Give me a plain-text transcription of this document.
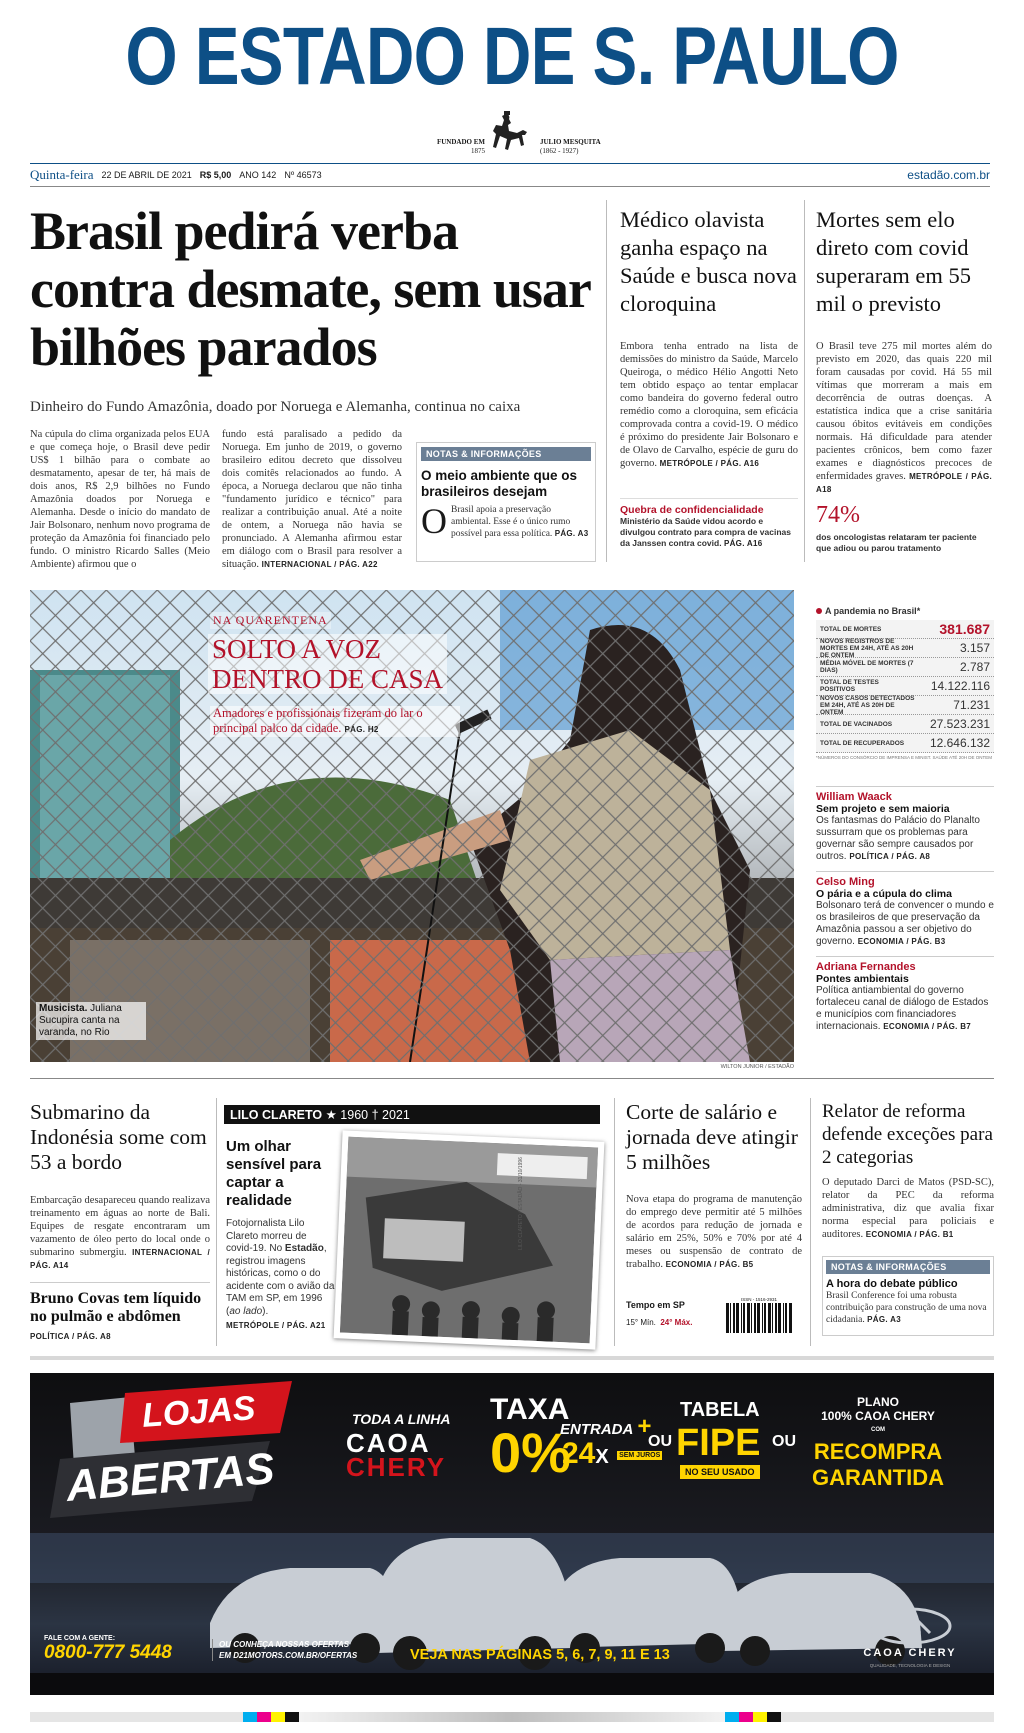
O ESTADO DE S. PAULO
FUNDADO EM
1875
JULIO MESQUITA
(1862 - 1927)
Quinta-feira 22 DE ABRIL DE 2021 R$ 5,00 ANO 142 Nº 46573	estadão.com.br
Brasil pedirá verba contra desmate, sem usar bilhões parados
Dinheiro do Fundo Amazônia, doado por Noruega e Alemanha, continua no caixa
Na cúpula do clima organizada pelos EUA e que começa hoje, o Brasil deve pedir US$ 1 bilhão para o combate ao desmatamento, apesar de ter, há mais de dois anos, R$ 2,9 bilhões no Fundo Amazônia doados por Noruega e Alemanha. Desde o início do mandato de Jair Bolsonaro, nenhum novo programa de proteção da Amazônia foi financiado pelo fundo. O ministro Ricardo Salles (Meio Ambiente) afirmou que o
fundo está paralisado a pedido da Noruega. Em junho de 2019, o governo brasileiro editou decreto que dissolveu dois comitês relacionados ao fundo. A época, a Noruega declarou que não tinha "fundamento jurídico e técnico" para realizar a contribuição anual. Até a noite de ontem, a Noruega não havia se pronunciado. A Alemanha afirmou estar em diálogo com o Brasil para resolver a situação. INTERNACIONAL / PÁG. A22
NOTAS & INFORMAÇÕES
O meio ambiente que os brasileiros desejam
O Brasil apoia a preservação ambiental. Esse é o único rumo possível para essa política. PÁG. A3
Médico olavista ganha espaço na Saúde e busca nova cloroquina
Embora tenha entrado na lista de demissões do ministro da Saúde, Marcelo Queiroga, o médico Hélio Angotti Neto tem obtido espaço ao tentar emplacar como bandeira do governo federal outro remédio como a cloroquina, sem eficácia comprovada contra a covid-19. O médico é próximo do presidente Jair Bolsonaro e de Olavo de Carvalho, espécie de guru do governo. METRÓPOLE / PÁG. A16
Quebra de confidencialidade
Ministério da Saúde vidou acordo e divulgou contrato para compra de vacinas da Janssen contra covid. PÁG. A16
Mortes sem elo direto com covid superaram em 55 mil o previsto
O Brasil teve 275 mil mortes além do previsto em 2020, das quais 220 mil foram causadas por covid. Há 55 mil vítimas que morreram a mais em decorrência de outras doenças. A estatística indica que a crise sanitária causou óbitos evitáveis em condições normais. Há dificuldade para atender pacientes crônicos, bem como fazer exames e diagnósticos precoces de enfermidades graves. METRÓPOLE / PÁG. A18
74%
dos oncologistas relataram ter paciente que adiou ou parou tratamento
NA QUARENTENA
SOLTO A VOZ
DENTRO DE CASA
Amadores e profissionais fizeram do lar o principal palco da cidade. PÁG. H2
Musicista. Juliana Sucupira canta na varanda, no Rio
WILTON JUNIOR / ESTADÃO
A pandemia no Brasil*
TOTAL DE MORTES	381.687
NOVOS REGISTROS DE MORTES EM 24H, ATÉ AS 20H DE ONTEM	3.157
MÉDIA MÓVEL DE MORTES (7 DIAS)	2.787
TOTAL DE TESTES POSITIVOS	14.122.116
NOVOS CASOS DETECTADOS EM 24H, ATÉ AS 20H DE ONTEM	71.231
TOTAL DE VACINADOS	27.523.231
TOTAL DE RECUPERADOS 12.646.132
*NÚMEROS DO CONSÓRCIO DE IMPRENSA E MINIST. SAÚDE ATÉ 20H DE ONTEM
William Waack
Sem projeto e sem maioria
Os fantasmas do Palácio do Planalto sussurram que os problemas para governar são sempre causados por outros. POLÍTICA / PÁG. A8
Celso Ming
O pária e a cúpula do clima
Bolsonaro terá de convencer o mundo e os brasileiros de que preservação da Amazônia passou a ser objetivo do governo. ECONOMIA / PÁG. B3
Adriana Fernandes
Pontes ambientais
Política antiambiental do governo fortaleceu canal de diálogo de Estados e municípios com financiadores internacionais. ECONOMIA / PÁG. B7
Submarino da Indonésia some com 53 a bordo
Embarcação desapareceu quando realizava treinamento em águas ao norte de Bali. Equipes de resgate encontraram um vazamento de óleo perto do local onde o submarino submergiu. INTERNACIONAL / PÁG. A14
Bruno Covas tem líquido no pulmão e abdômen
POLÍTICA / PÁG. A8
LILO CLARETO ★ 1960 † 2021
Um olhar sensível para captar a realidade
Fotojornalista Lilo Clareto morreu de covid-19. No Estadão, registrou imagens históricas, como o do acidente com o avião da TAM em SP, em 1996 (ao lado).
METRÓPOLE / PÁG. A21
LILO CLARETO / ESTADÃO - 31/10/1996
Corte de salário e jornada deve atingir 5 milhões
Nova etapa do programa de manutenção do emprego deve permitir até 5 milhões de acordos para redução de jornada e salário em 25%, 50% e 70% por até 4 meses ou suspensão de contrato de trabalho. ECONOMIA / PÁG. B5
Tempo em SP
15° Mín. 24° Máx.
ISSN - 1516-2931
Relator de reforma defende exceções para 2 categorias
O deputado Darci de Matos (PSD-SC), relator da PEC da reforma administrativa, diz que avalia fixar norma especial para policiais e auditores. ECONOMIA / PÁG. B1
NOTAS & INFORMAÇÕES
A hora do debate público
Brasil Conference foi uma robusta contribuição para construção de uma nova cidadania. PÁG. A3
LOJAS
ABERTAS
TODA A LINHA
CAOA
CHERY
TAXA
0%
ENTRADA +
24X SEM JUROS
OU
TABELA
FIPE
NO SEU USADO
OU
PLANO
100% CAOA CHERY
COM
RECOMPRA
GARANTIDA
FALE COM A GENTE:
0800-777 5448	OU CONHEÇA NOSSAS OFERTAS
EM D21MOTORS.COM.BR/OFERTAS	VEJA NAS PÁGINAS 5, 6, 7, 9, 11 E 13	CAOA CHERY
QUALIDADE, TECNOLOGIA E DESIGN
